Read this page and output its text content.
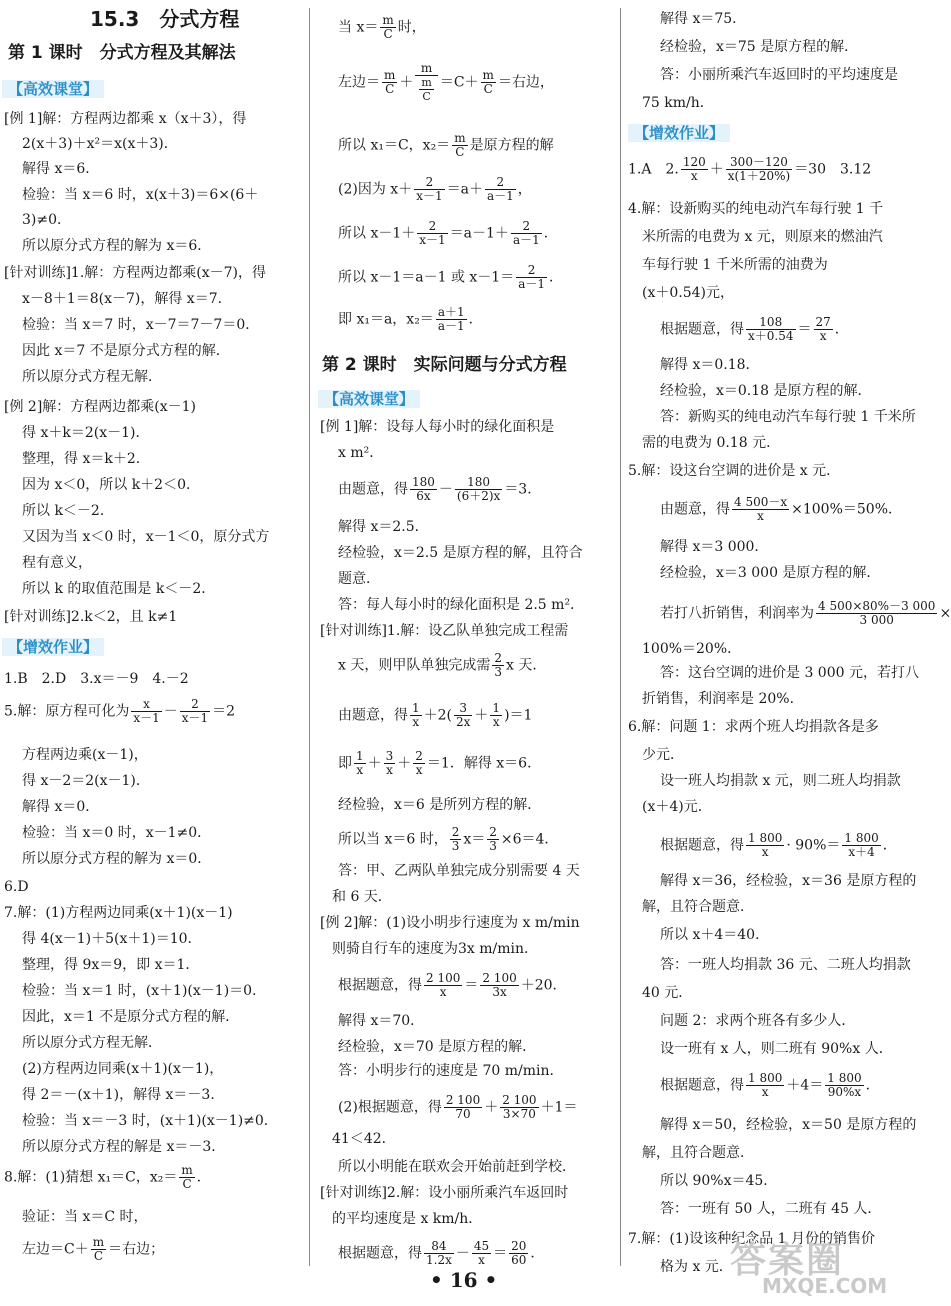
15.3　分式方程
第 1 课时　分式方程及其解法
【高效课堂】
[例 1]解：方程两边都乘 x（x＋3），得
2(x＋3)＋x²＝x(x＋3)．
解得 x＝6．
检验：当 x＝6 时，x(x＋3)＝6×(6＋
3)≠0．
所以原分式方程的解为 x＝6．
[针对训练]1.解：方程两边都乘(x－7)，得
x－8＋1＝8(x－7)，解得 x＝7．
检验：当 x＝7 时，x－7＝7－7＝0．
因此 x＝7 不是原分式方程的解．
所以原分式方程无解．
[例 2]解：方程两边都乘(x－1)
得 x＋k＝2(x－1)．
整理，得 x＝k＋2．
因为 x＜0，所以 k＋2＜0．
所以 k＜－2．
又因为当 x＜0 时，x－1＜0，原分式方
程有意义，
所以 k 的取值范围是 k＜－2．
[针对训练]2.k＜2，且 k≠1
【增效作业】
1.B　2.D　3.x＝－9　4.－2
5.解：原方程可化为 $\frac{x}{x-1} - \frac{2}{x-1} =2$
方程两边乘(x－1)，
得 x－2＝2(x－1)．
解得 x＝0．
检验：当 x＝0 时，x－1≠0．
所以原分式方程的解为 x＝0．
6.D
7.解：(1)方程两边同乘(x＋1)(x－1)
得 4(x－1)＋5(x＋1)＝10．
整理，得 9x＝9，即 x＝1．
检验：当 x＝1 时，(x＋1)(x－1)＝0．
因此，x＝1 不是原分式方程的解．
所以原分式方程无解．
(2)方程两边同乘(x＋1)(x－1)，
得 2＝－(x＋1)，解得 x＝－3．
检验：当 x＝－3 时，(x＋1)(x－1)≠0．
所以原分式方程的解是 x＝－3．
8.解：(1)猜想 x₁＝C，$x_2= \frac{m}{C}$ ．
验证：当 x＝C 时，
左边$=C+ \frac{m}{C}$ ＝右边；
当 $x= \frac{m}{C}$ 时，
左边＝ $\frac{m}{C} + \frac{m}{\frac{m}{C}} =C+ \frac{m}{C}$ ＝右边，
所以 x₁＝C，$x_2= \frac{m}{C}$ 是原方程的解
(2)因为 $x+ \frac{2}{x-1} =a+ \frac{2}{a-1}$ ，
所以 $x-1+ \frac{2}{x-1} =a-1+ \frac{2}{a-1}$ ．
所以 x－1＝a－1 或 $x-1= \frac{2}{a-1}$ ．
即 x₁＝a，$x_2= \frac{a+1}{a-1}$ ．
第 2 课时　实际问题与分式方程
【高效课堂】
[例 1]解：设每人每小时的绿化面积是
x m²．
由题意，得 $\frac{180}{6x} - \frac{180}{(6+2)x} =3$．
解得 x＝2.5．
经检验，x＝2.5 是原方程的解，且符合
题意．
答：每人每小时的绿化面积是 2.5 m²．
[针对训练]1.解：设乙队单独完成工程需
x 天，则甲队单独完成需 $\frac{2}{3}$ x 天．
由题意，得 $\frac{1}{x} +2( \frac{3}{2x} + \frac{1}{x} )=1$
即 $\frac{1}{x} + \frac{3}{x} + \frac{2}{x} =1$．解得 x＝6．
经检验，x＝6 是所列方程的解．
所以当 x＝6 时， $\frac{2}{3} x= \frac{2}{3} \times 6=4$．
答：甲、乙两队单独完成分别需要 4 天
和 6 天．
[例 2]解：(1)设小明步行速度为 x m/min
则骑自行车的速度为3x m/min．
根据题意，得 $\frac{2 100}{x} = \frac{2 100}{3x} +20$．
解得 x＝70．
经检验，x＝70 是原方程的解．
答：小明步行的速度是 70 m/min．
(2)根据题意，得 $\frac{2 100}{70} + \frac{2 100}{3\times 70} +1=$
41＜42．
所以小明能在联欢会开始前赶到学校．
[针对训练]2.解：设小丽所乘汽车返回时
的平均速度是 x km/h．
根据题意，得 $\frac{84}{1.2x} - \frac{45}{x} = \frac{20}{60}$ ．
解得 x＝75．
经检验，x＝75 是原方程的解．
答：小丽所乘汽车返回时的平均速度是
75 km/h．
【增效作业】
1.A　2. $\frac{120}{x} + \frac{300-120}{x(1+20\%)} =30$　3.12
4.解：设新购买的纯电动汽车每行驶 1 千
米所需的电费为 x 元，则原来的燃油汽
车每行驶 1 千米所需的油费为
(x＋0.54)元，
根据题意，得 $\frac{108}{x+0.54} = \frac{27}{x}$ ．
解得 x＝0.18．
经检验，x＝0.18 是原方程的解．
答：新购买的纯电动汽车每行驶 1 千米所
需的电费为 0.18 元．
5.解：设这台空调的进价是 x 元．
由题意，得 $\frac{4 500-x}{x} \times 100\%=50\%$．
解得 x＝3 000．
经检验，x＝3 000 是原方程的解．
若打八折销售，利润率为 $\frac{4 500\times 80\%-3 000}{3 000}$ ×
100%＝20%．
答：这台空调的进价是 3 000 元，若打八
折销售，利润率是 20%．
6.解：问题 1：求两个班人均捐款各是多
少元．
设一班人均捐款 x 元，则二班人均捐款
(x＋4)元．
根据题意，得 $\frac{1 800}{x} \cdot 90\%= \frac{1 800}{x+4}$ ．
解得 x＝36，经检验，x＝36 是原方程的
解，且符合题意．
所以 x＋4＝40．
答：一班人均捐款 36 元、二班人均捐款
40 元．
问题 2：求两个班各有多少人．
设一班有 x 人，则二班有 90%x 人．
根据题意，得 $\frac{1 800}{x} +4= \frac{1 800}{90\%x}$ ．
解得 x＝50，经检验，x＝50 是原方程的
解，且符合题意．
所以 90%x＝45．
答：一班有 50 人，二班有 45 人．
7.解：(1)设该种纪念品 1 月份的销售价
格为 x 元．
• 16 •	答案圈
MXQE.COM
